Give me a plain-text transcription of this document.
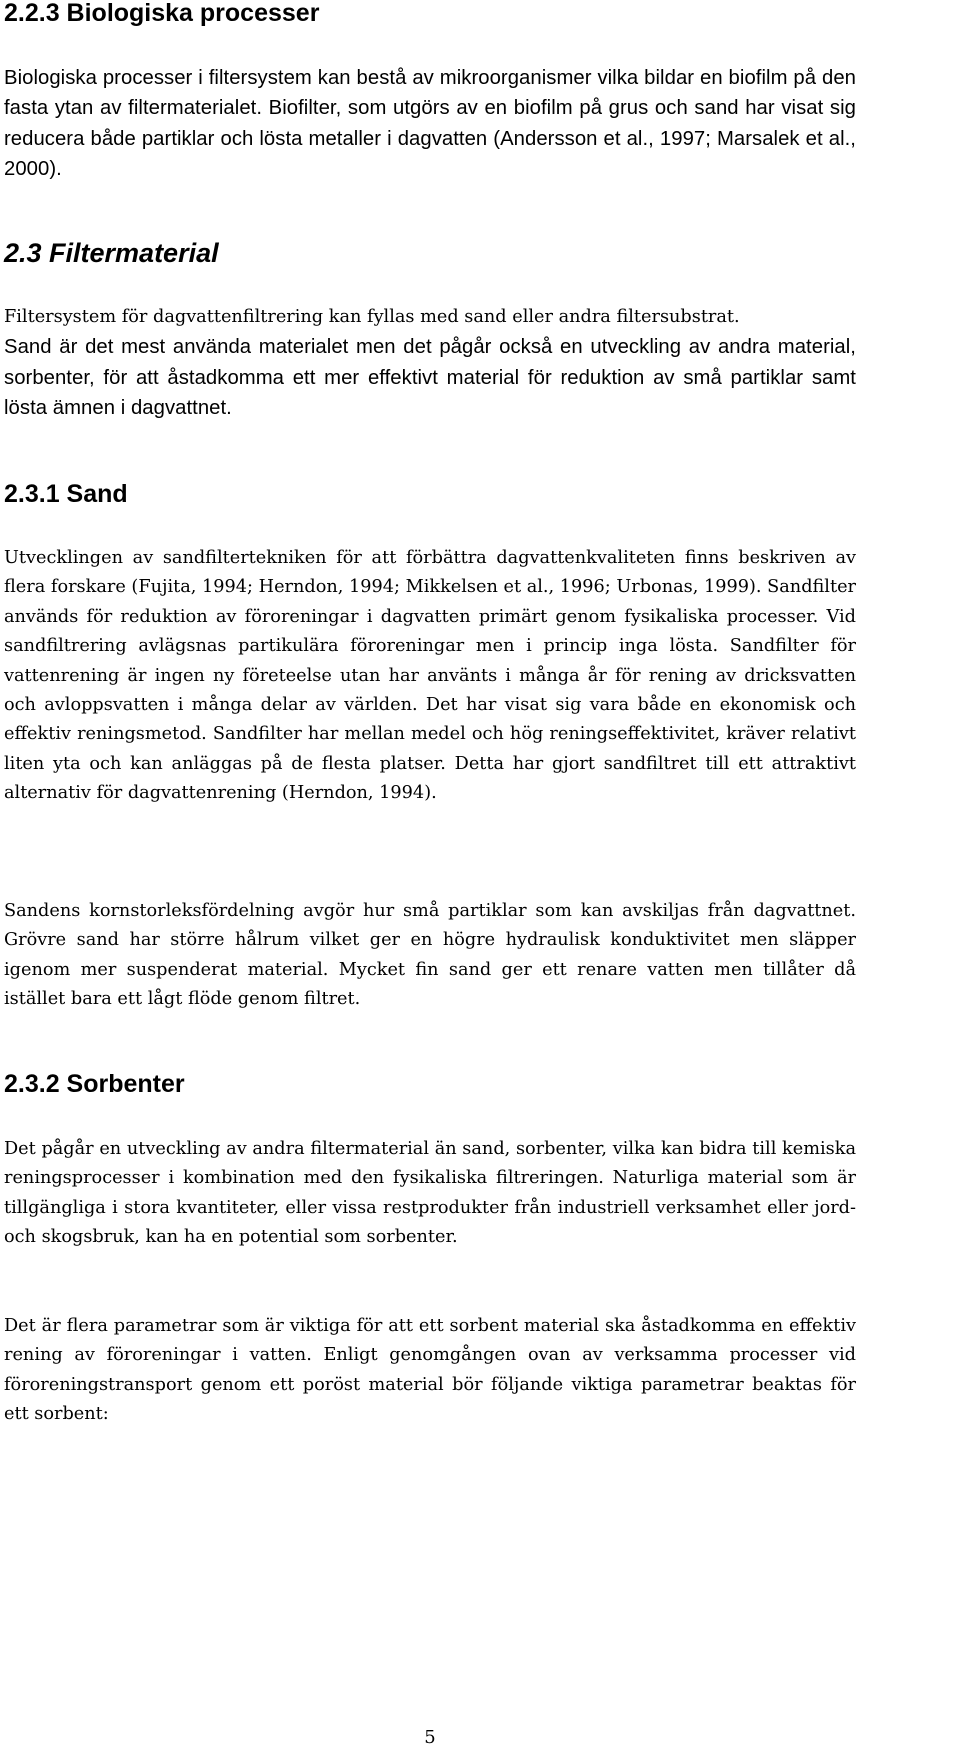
2.2.3 Biologiska processer

Biologiska processer i filtersystem kan bestå av mikroorganismer vilka bildar en biofilm på den fasta ytan av filtermaterialet. Biofilter, som utgörs av en biofilm på grus och sand har visat sig reducera både partiklar och lösta metaller i dagvatten (Andersson et al., 1997; Marsalek et al., 2000).

2.3 Filtermaterial

Filtersystem för dagvattenfiltrering kan fyllas med sand eller andra filtersubstrat.

Sand är det mest använda materialet men det pågår också en utveckling av andra material, sorbenter, för att åstadkomma ett mer effektivt material för reduktion av små partiklar samt lösta ämnen i dagvattnet.

2.3.1 Sand

Utvecklingen av sandfiltertekniken för att förbättra dagvattenkvaliteten finns beskriven av flera forskare (Fujita, 1994; Herndon, 1994; Mikkelsen et al., 1996; Urbonas, 1999). Sandfilter används för reduktion av föroreningar i dagvatten primärt genom fysikaliska processer. Vid sandfiltrering avlägsnas partikulära föroreningar men i princip inga lösta. Sandfilter för vattenrening är ingen ny företeelse utan har använts i många år för rening av dricksvatten och avloppsvatten i många delar av världen. Det har visat sig vara både en ekonomisk och effektiv reningsmetod. Sandfilter har mellan medel och hög reningseffektivitet, kräver relativt liten yta och kan anläggas på de flesta platser. Detta har gjort sandfiltret till ett attraktivt alternativ för dagvattenrening (Herndon, 1994).

Sandens kornstorleksfördelning avgör hur små partiklar som kan avskiljas från dagvattnet. Grövre sand har större hålrum vilket ger en högre hydraulisk konduktivitet men släpper igenom mer suspenderat material. Mycket fin sand ger ett renare vatten men tillåter då istället bara ett lågt flöde genom filtret.

2.3.2 Sorbenter

Det pågår en utveckling av andra filtermaterial än sand, sorbenter, vilka kan bidra till kemiska reningsprocesser i kombination med den fysikaliska filtreringen. Naturliga material som är tillgängliga i stora kvantiteter, eller vissa restprodukter från industriell verksamhet eller jord- och skogsbruk, kan ha en potential som sorbenter.

Det är flera parametrar som är viktiga för att ett sorbent material ska åstadkomma en effektiv rening av föroreningar i vatten. Enligt genomgången ovan av verksamma processer vid föroreningstransport genom ett poröst material bör följande viktiga parametrar beaktas för ett sorbent:

5
